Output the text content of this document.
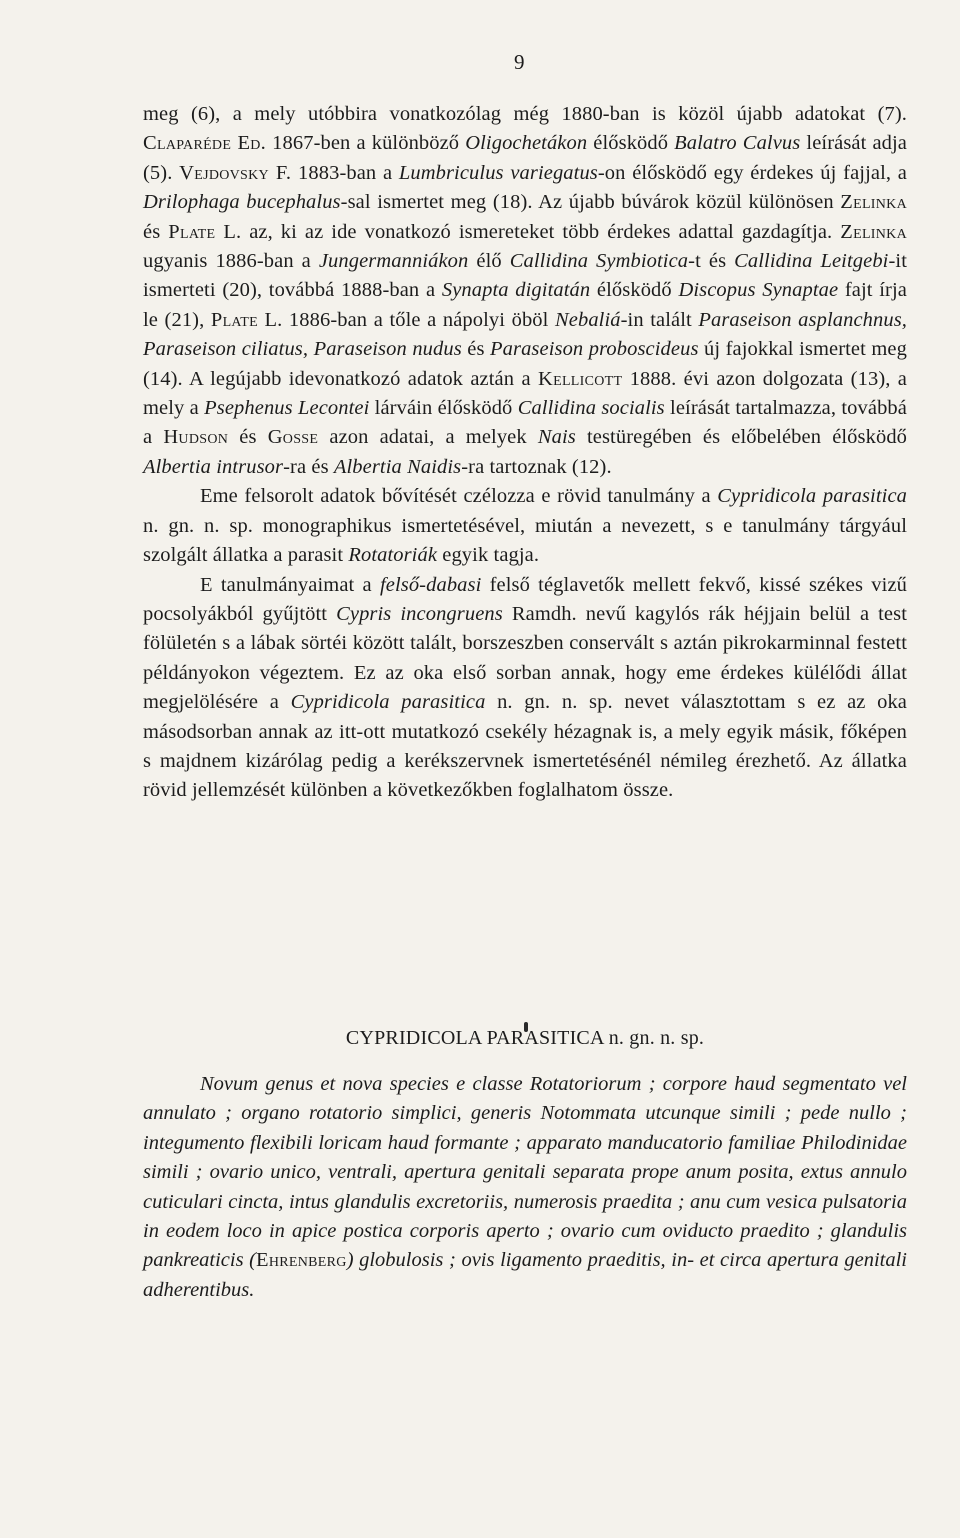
9

meg (6), a mely utóbbira vonatkozólag még 1880-ban is közöl újabb adatokat (7). Claparéde Ed. 1867-ben a különböző Oligochetákon élősködő Balatro Calvus leírását adja (5). Vejdovsky F. 1883-ban a Lumbriculus variegatus-on élősködő egy érdekes új fajjal, a Drilophaga bucephalus-sal ismertet meg (18). Az újabb búvárok közül különösen Zelinka és Plate L. az, ki az ide vonatkozó ismereteket több érdekes adattal gazdagítja. Zelinka ugyanis 1886-ban a Jungermanniákon élő Callidina Symbiotica-t és Callidina Leitgebi-it ismerteti (20), továbbá 1888-ban a Synapta digitatán élősködő Discopus Synaptae fajt írja le (21), Plate L. 1886-ban a tőle a nápolyi öböl Nebaliá-in talált Paraseison asplanchnus, Paraseison ciliatus, Paraseison nudus és Paraseison proboscideus új fajokkal ismertet meg (14). A legújabb idevonatkozó adatok aztán a Kellicott 1888. évi azon dolgozata (13), a mely a Psephenus Lecontei lárváin élősködő Callidina socialis leírását tartalmazza, továbbá a Hudson és Gosse azon adatai, a melyek Nais testüregében és előbelében élősködő Albertia intrusor-ra és Albertia Naidis-ra tartoznak (12).

Eme felsorolt adatok bővítését czélozza e rövid tanulmány a Cypridicola parasitica n. gn. n. sp. monographikus ismertetésével, miután a nevezett, s e tanulmány tárgyául szolgált állatka a parasit Rotatoriák egyik tagja.

E tanulmányaimat a felső-dabasi felső téglavetők mellett fekvő, kissé székes vizű pocsolyákból gyűjtött Cypris incongruens Ramdh. nevű kagylós rák héjjain belül a test fölületén s a lábak sörtéi között talált, borszeszben conservált s aztán pikrokarminnal festett példányokon végeztem. Ez az oka első sorban annak, hogy eme érdekes külélődi állat megjelölésére a Cypridicola parasitica n. gn. n. sp. nevet választottam s ez az oka másodsorban annak az itt-ott mutatkozó csekély hézagnak is, a mely egyik másik, főképen s majdnem kizárólag pedig a kerékszervnek ismertetésénél némileg érezhető. Az állatka rövid jellemzését különben a következőkben foglalhatom össze.

CYPRIDICOLA PARASITICA n. gn. n. sp.

Novum genus et nova species e classe Rotatoriorum ; corpore haud segmentato vel annulato ; organo rotatorio simplici, generis Notommata utcunque simili ; pede nullo ; integumento flexibili loricam haud formante ; apparato manducatorio familiae Philodinidae simili ; ovario unico, ventrali, apertura genitali separata prope anum posita, extus annulo cuticulari cincta, intus glandulis excretoriis, numerosis praedita ; anu cum vesica pulsatoria in eodem loco in apice postica corporis aperto ; ovario cum oviducto praedito ; glandulis pankreaticis (Ehrenberg) globulosis ; ovis ligamento praeditis, in- et circa apertura genitali adherentibus.
